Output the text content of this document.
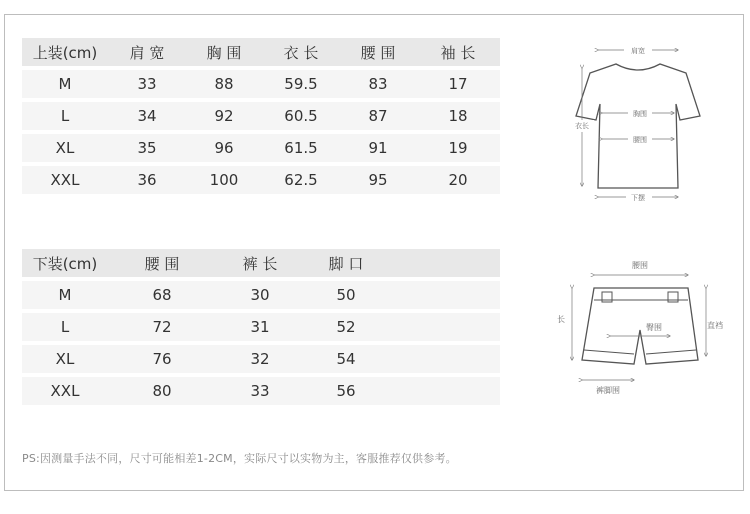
上装(cm)	肩 宽	胸 围	衣 长	腰 围	袖 长
M	33	88	59.5	83	17
L	34	92	60.5	87	18
XL	35	96	61.5	91	19
XXL	36	100	62.5	95	20
下装(cm)	腰 围	裤 长	脚 口	
M	68	30	50	
L	72	31	52	
XL	76	32	54	
XXL	80	33	56	
肩宽
胸围
腰围
衣长
下摆
腰围
长
臀围	直裆
裤脚围
PS:因测量手法不同，尺寸可能相差1-2CM，实际尺寸以实物为主，客服推荐仅供参考。
